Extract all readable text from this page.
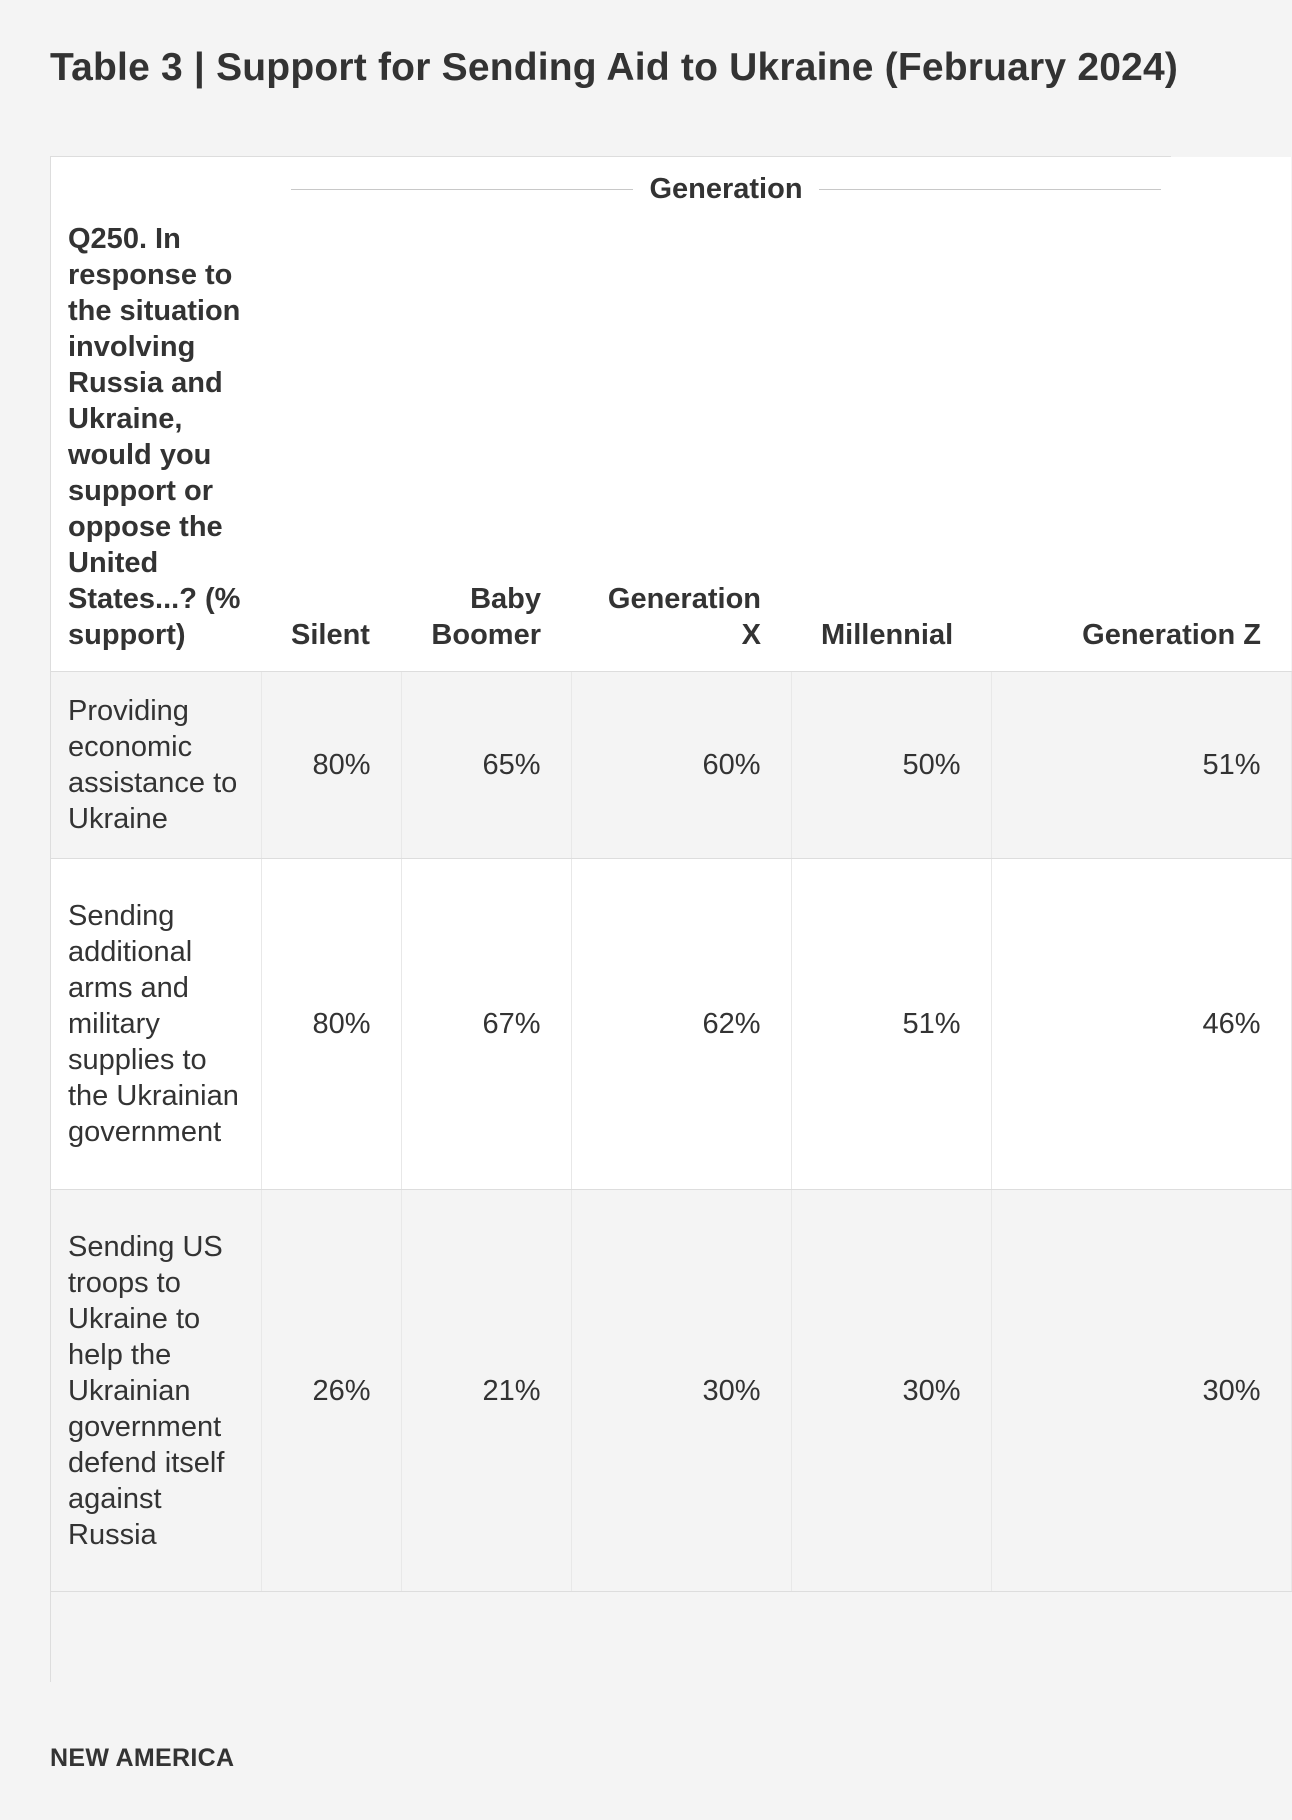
Table 3 | Support for Sending Aid to Ukraine (February 2024)

	Generation				

Q250. In response to the situation involving Russia and Ukraine, would you support or oppose the United States...? (% support)	Silent	Baby Boomer	Generation X	Millennial	Generation Z
Providing economic assistance to Ukraine	80%	65%	60%	50%	51%
Sending additional arms and military supplies to the Ukrainian government	80%	67%	62%	51%	46%
Sending US troops to Ukraine to help the Ukrainian government defend itself against Russia	26%	21%	30%	30%	30%
NEW AMERICA
